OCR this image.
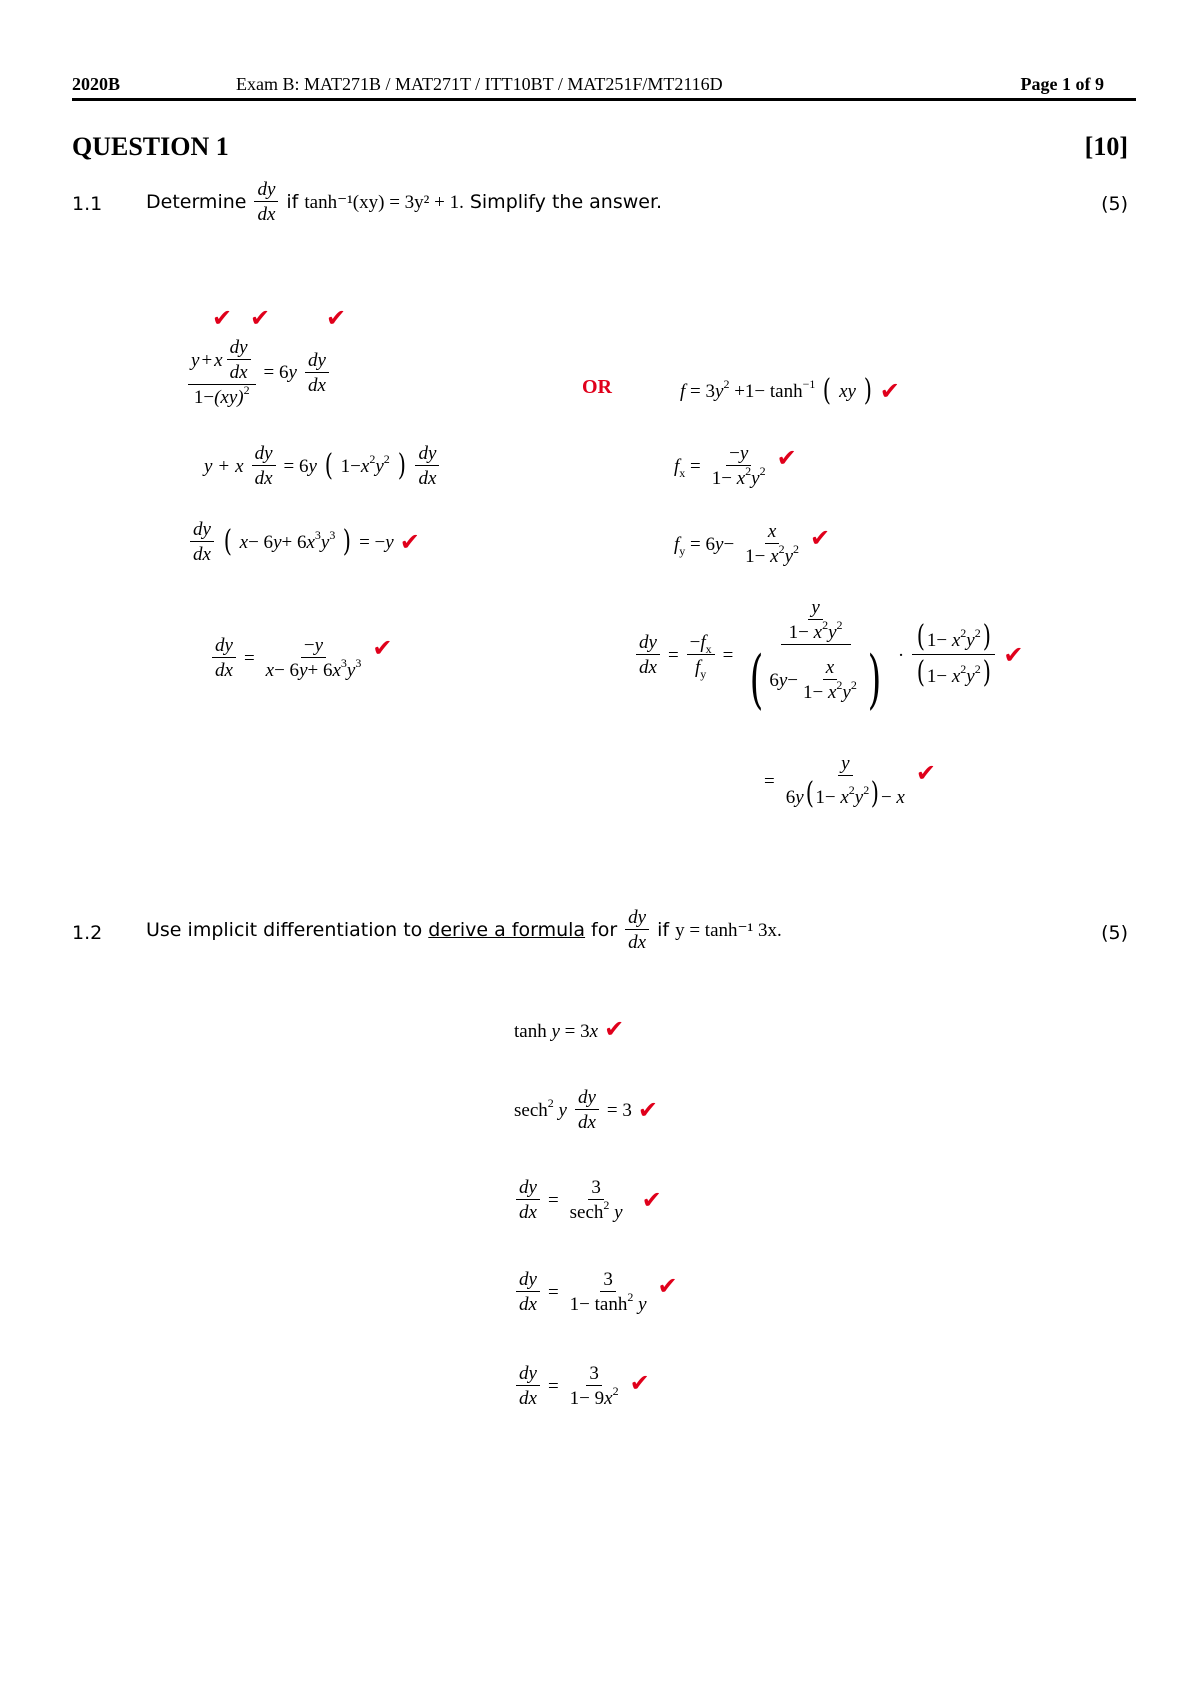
2020B	Exam B: MAT271B / MAT271T / ITT10BT / MAT251F/MT2116D	Page 1 of 9
QUESTION 1	[10]
1.1 Determine $\frac{dy}{dx}$ if tanh⁻¹(xy) = 3y² + 1. Simplify the answer.	(5)
✔ ✔ ✔
$\frac{y + x \frac{dy}{dx}}{1-(xy)^2} = 6y \frac{dy}{dx}$
y + x $\frac{dy}{dx} = 6y$ ( $1-x^2y^2$ ) $\frac{dy}{dx}$
$\frac{dy}{dx}$ ( $x- 6y+ 6x^3y^3$ ) = −y ✔
$\frac{dy}{dx} = \frac{-y}{x- 6y+ 6x^3y^3}$ ✔
OR	$f = 3y^2 +1- \tanh^{-1}$ ( xy ) ✔
$f_x = \frac{-y}{1- x^2y^2}$ ✔
$f_y = 6y- \frac{x}{1- x^2y^2}$ ✔
$\frac{dy}{dx} = \frac{-f_x}{f_y} = \frac{\frac{y}{1- x^2y^2}}{( 6y- \frac{x}{1- x^2y^2} )} \cdot \frac{(1- x^2y^2)}{(1- x^2y^2)}$ ✔
= $\frac{y}{6y(1- x^2y^2)- x}$ ✔
1.2 Use implicit differentiation to derive a formula for $\frac{dy}{dx}$ if y = tanh⁻¹ 3x.	(5)
tanh y = 3x ✔
sech$^2$ y $\frac{dy}{dx} = 3$ ✔
$\frac{dy}{dx} = \frac{3}{\sec h^2 y}$ ✔
$\frac{dy}{dx} = \frac{3}{1- \tanh^2 y}$ ✔
$\frac{dy}{dx} = \frac{3}{1- 9x^2}$ ✔
